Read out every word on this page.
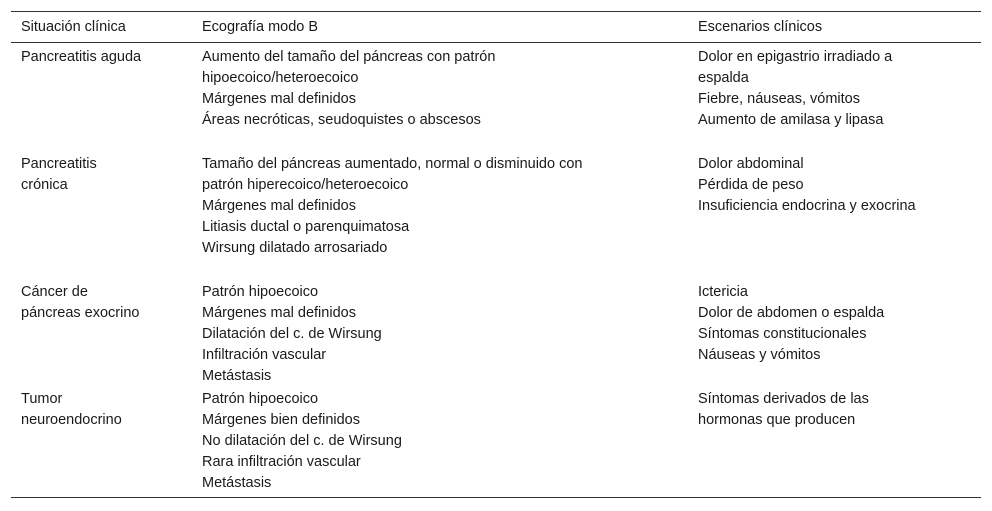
Situación clínica	Ecografía modo B	Escenarios clínicos

Pancreatitis aguda	Aumento del tamaño del páncreas con patrón
hipoecoico/heteroecoico
Márgenes mal definidos
Áreas necróticas, seudoquistes o abscesos	Dolor en epigastrio irradiado a
espalda
Fiebre, náuseas, vómitos
Aumento de amilasa y lipasa

Pancreatitis
crónica	Tamaño del páncreas aumentado, normal o disminuido con
patrón hiperecoico/heteroecoico
Márgenes mal definidos
Litiasis ductal o parenquimatosa
Wirsung dilatado arrosariado	Dolor abdominal
Pérdida de peso
Insuficiencia endocrina y exocrina

Cáncer de
páncreas exocrino	Patrón hipoecoico
Márgenes mal definidos
Dilatación del c. de Wirsung
Infiltración vascular
Metástasis	Ictericia
Dolor de abdomen o espalda
Síntomas constitucionales
Náuseas y vómitos

Tumor
neuroendocrino	Patrón hipoecoico
Márgenes bien definidos
No dilatación del c. de Wirsung
Rara infiltración vascular
Metástasis	Síntomas derivados de las
hormonas que producen
